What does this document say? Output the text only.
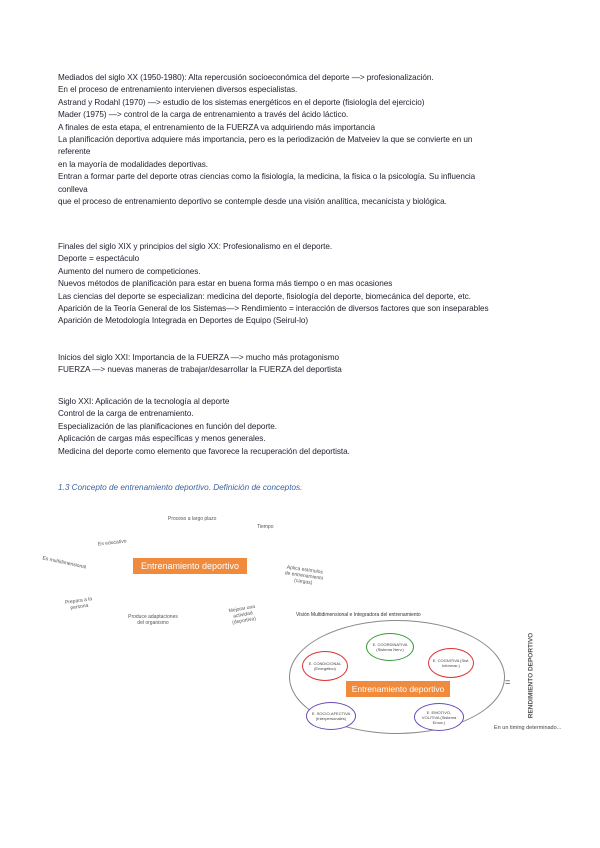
Mediados del siglo XX (1950-1980): Alta repercusión socioeconómica del deporte —> profesionalización.
En el proceso de entrenamiento intervienen diversos especialistas.
Astrand y Rodahl (1970) —> estudio de los sistemas energéticos en el deporte (fisiología del ejercicio)
Mader (1975) —> control de la carga de entrenamiento a través del ácido láctico.
A finales de esta etapa, el entrenamiento de la FUERZA va adquiriendo más importancia
La planificación deportiva adquiere más importancia, pero es la periodización de Matveiev la que se convierte en un
referente
en la mayoría de modalidades deportivas.
Entran a formar parte del deporte otras ciencias como la fisiología, la medicina, la física o la psicología. Su influencia
conlleva
que el proceso de entrenamiento deportivo se contemple desde una visión analítica, mecanicista y biológica.
Finales del siglo XIX y principios del siglo XX: Profesionalismo en el deporte.
Deporte = espectáculo
Aumento del numero de competiciones.
Nuevos métodos de planificación para estar en buena forma más tiempo o en mas ocasiones
Las ciencias del deporte se especializan: medicina del deporte, fisiología del deporte, biomecánica del deporte, etc.
Aparición de la Teoría General de los Sistemas—> Rendimiento = interacción de diversos factores que son inseparables
Aparición de Metodología Integrada en Deportes de Equipo (Seirul-lo)
Inicios del siglo XXI: Importancia de la FUERZA —> mucho más protagonismo
FUERZA —> nuevas maneras de trabajar/desarrollar la FUERZA del deportista
Siglo XXI: Aplicación de la tecnología al deporte
Control de la carga de entrenamiento.
Especialización de las planificaciones en función del deporte.
Aplicación de cargas más específicas y menos generales.
Medicina del deporte como elemento que favorece la recuperación del deportista.
1.3 Concepto de entrenamiento deportivo. Definición de conceptos.
Entrenamiento deportivo
Proceso a largo plazo
Tiempo
Es educativo
Es multidimensional	Aplica estímulos de entrenamiento (cargas)
Prepara a la persona
Produce adaptaciones del organismo
Mejorar una actividad (deportiva)
Visión Multidimensional e Integradora del entrenamiento
E. COORDINATIVA (Sistema Nerv.)
E. CONDICIONAL (Energético)
E. COGNITIVA (Sist. Informac.)
E. SOCIO-AFECTIVA (Interpersonales)
E. EMOTIVO-VOLITIVA (Sistema Emoc.)
Entrenamiento deportivo
=	RENDIMIENTO DEPORTIVO
En un timing determinado...
